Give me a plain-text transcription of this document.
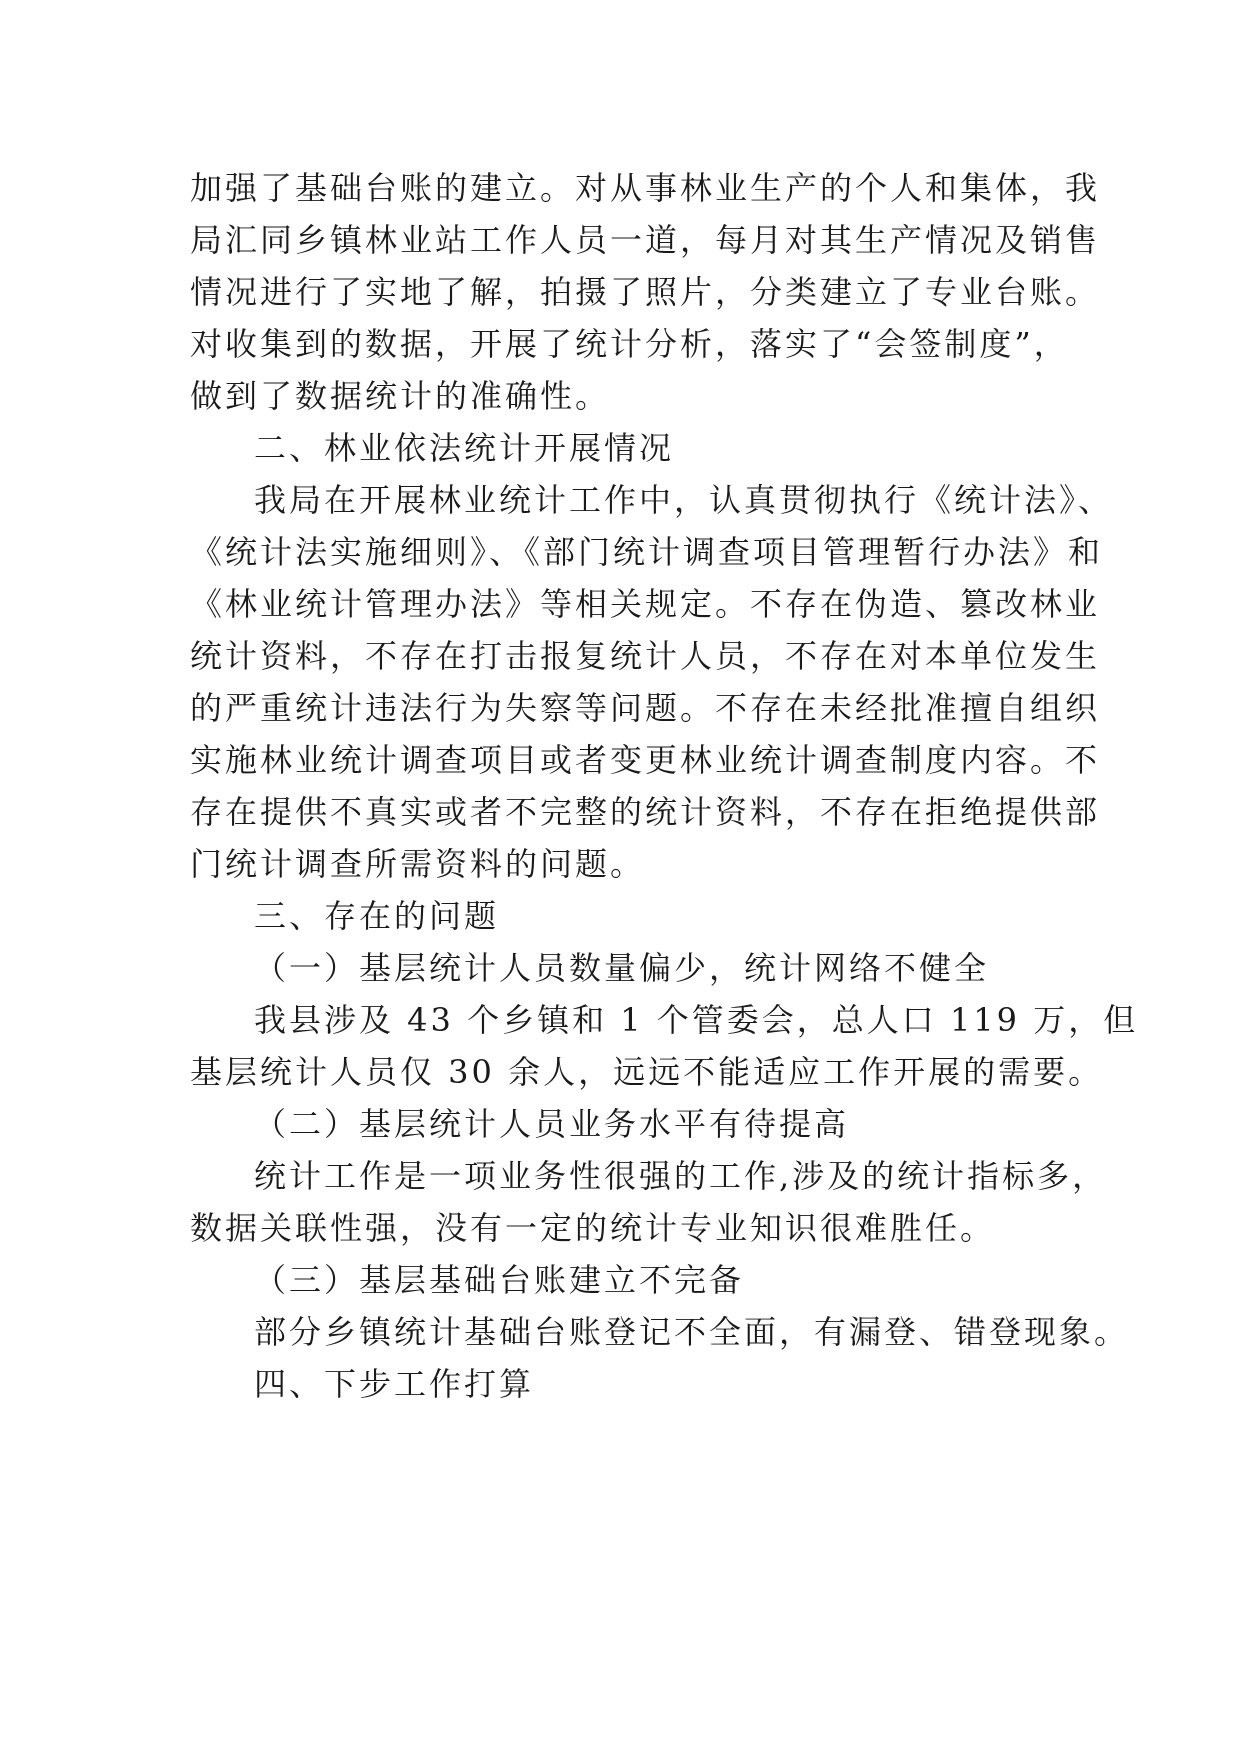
加强了基础台账的建立。对从事林业生产的个人和集体，我
局汇同乡镇林业站工作人员一道，每月对其生产情况及销售
情况进行了实地了解，拍摄了照片，分类建立了专业台账。
对收集到的数据，开展了统计分析，落实了“会签制度”，
做到了数据统计的准确性。
二、林业依法统计开展情况
我局在开展林业统计工作中，认真贯彻执行《统计法》、
《统计法实施细则》、《部门统计调查项目管理暂行办法》和
《林业统计管理办法》等相关规定。不存在伪造、篡改林业
统计资料，不存在打击报复统计人员，不存在对本单位发生
的严重统计违法行为失察等问题。不存在未经批准擅自组织
实施林业统计调查项目或者变更林业统计调查制度内容。不
存在提供不真实或者不完整的统计资料，不存在拒绝提供部
门统计调查所需资料的问题。
三、存在的问题
（一）基层统计人员数量偏少，统计网络不健全
我县涉及 43 个乡镇和 1 个管委会，总人口 119 万，但
基层统计人员仅 30 余人，远远不能适应工作开展的需要。
（二）基层统计人员业务水平有待提高
统计工作是一项业务性很强的工作,涉及的统计指标多，
数据关联性强，没有一定的统计专业知识很难胜任。
（三）基层基础台账建立不完备
部分乡镇统计基础台账登记不全面，有漏登、错登现象。
四、下步工作打算
